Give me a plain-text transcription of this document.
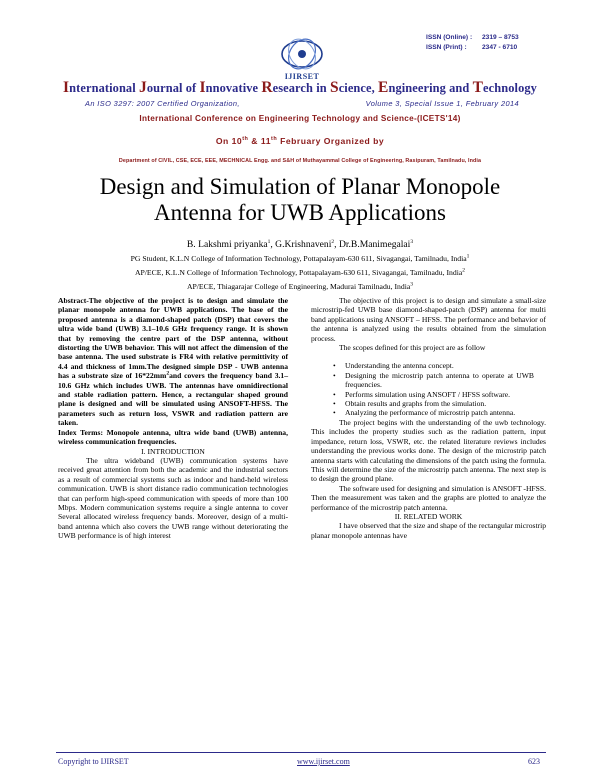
ISSN (Online) : 2319 – 8753
ISSN (Print) : 2347 - 6710
IJIRSET
International Journal of Innovative Research in Science, Engineering and Technology
An ISO 3297: 2007 Certified Organization,	Volume 3, Special Issue 1, February 2014
International Conference on Engineering Technology and Science-(ICETS'14)
On 10th & 11th February Organized by
Department of CIVIL, CSE, ECE, EEE, MECHNICAL Engg. and S&H of Muthayammal College of Engineering, Rasipuram, Tamilnadu, India
Design and Simulation of Planar Monopole
Antenna for UWB Applications
B. Lakshmi priyanka$^1$, G.Krishnaveni$^2$, Dr.B.Manimegalai$^3$
PG Student, K.L.N College of Information Technology, Pottapalayam-630 611, Sivagangai, Tamilnadu, India$^1$
AP/ECE, K.L.N College of Information Technology, Pottapalayam-630 611, Sivagangai, Tamilnadu, India$^2$
AP/ECE, Thiagarajar College of Engineering, Madurai Tamilnadu, India$^3$

Abstract-The objective of the project is to design and simulate the planar monopole antenna for UWB applications. The base of the proposed antenna is a diamond-shaped patch (DSP) that covers the ultra wide band (UWB) 3.1–10.6 GHz frequency range. It is shown that by removing the centre part of the DSP antenna, without distorting the UWB behavior. This will not affect the dimension of the base antenna. The used substrate is FR4 with relative permittivity of 4.4 and thickness of 1mm.The designed simple DSP - UWB antenna has a substrate size of $16*22mm^2and$ covers the frequency band 3.1–10.6 GHz which includes UWB. The antennas have omnidirectional and stable radiation pattern. Hence, a rectangular shaped ground plane is designed and will be simulated using ANSOFT-HFSS. The parameters such as return loss, VSWR and radiation pattern are taken.

Index Terms: Monopole antenna, ultra wide band (UWB) antenna, wireless communication frequencies.

I. INTRODUCTION

The ultra wideband (UWB) communication systems have received great attention from both the academic and the industrial sectors as a result of commercial systems such as indoor and hand-held wireless communication. UWB is short distance radio communication technologies that can perform high-speed communication with speeds of more than 100 Mbps. Modern communication systems require a single antenna to cover Several allocated wireless frequency bands. Moreover, design of a multi-band antenna which also covers the UWB range without deteriorating the UWB performance is of high interest

The objective of this project is to design and simulate a small-size microstrip-fed UWB base diamond-shaped-patch (DSP) antenna for multi band applications using ANSOFT – HFSS. The performance and behavior of the antenna is analyzed using the results obtained from the simulation process.

The scopes defined for this project are as follow

• Understanding the antenna concept.
• Designing the microstrip patch antenna to operate at UWB frequencies.
• Performs simulation using ANSOFT / HFSS software.
• Obtain results and graphs from the simulation.
• Analyzing the performance of microstrip patch antenna.

The project begins with the understanding of the uwb technology. This includes the property studies such as the radiation pattern, input impedance, return loss, VSWR, etc. the related literature reviews includes understanding the previous works done. The design of the microstrip patch antenna starts with calculating the dimensions of the patch using the formula. This will determine the size of the microstrip patch antenna. The next step is to design the ground plane.

The software used for designing and simulation is ANSOFT -HFSS. Then the measurement was taken and the graphs are plotted to analyze the performance of the microstrip patch antenna.

II. RELATED WORK

I have observed that the size and shape of the rectangular microstrip planar monopole antennas have

Copyright to IJIRSET	www.ijirset.com	623
